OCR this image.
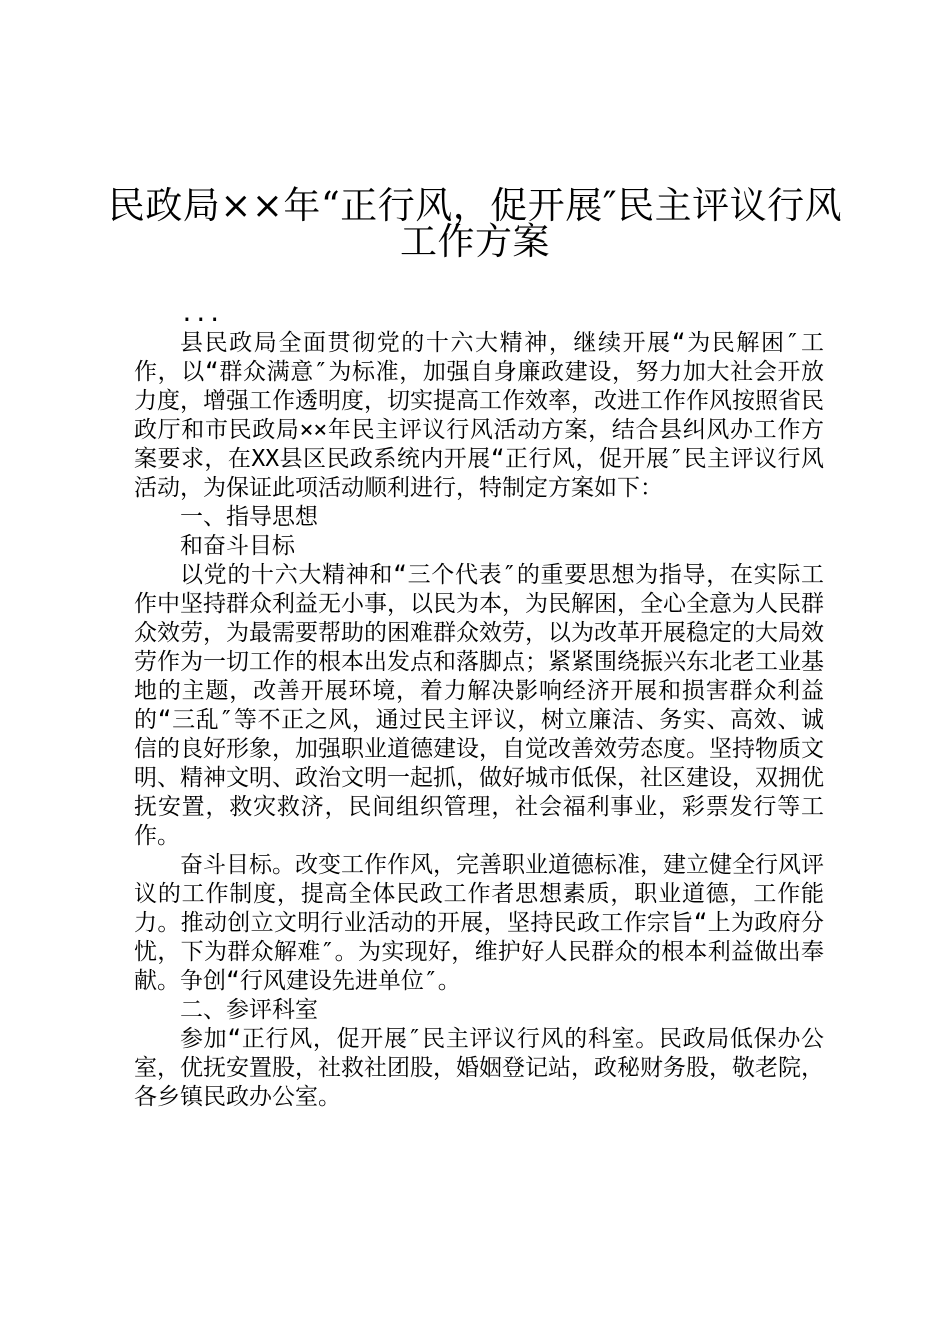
民政局××年“正行风，促开展″民主评议行风
工作方案
...

县民政局全面贯彻党的十六大精神，继续开展“为民解困″工作，以“群众满意″为标准，加强自身廉政建设，努力加大社会开放力度，增强工作透明度，切实提高工作效率，改进工作作风按照省民政厅和市民政局××年民主评议行风活动方案，结合县纠风办工作方案要求，在XX县区民政系统内开展“正行风，促开展″民主评议行风活动，为保证此项活动顺利进行，特制定方案如下：

一、指导思想

和奋斗目标

以党的十六大精神和“三个代表″的重要思想为指导，在实际工作中坚持群众利益无小事，以民为本，为民解困，全心全意为人民群众效劳，为最需要帮助的困难群众效劳，以为改革开展稳定的大局效劳作为一切工作的根本出发点和落脚点；紧紧围绕振兴东北老工业基地的主题，改善开展环境，着力解决影响经济开展和损害群众利益的“三乱″等不正之风，通过民主评议，树立廉洁、务实、高效、诚信的良好形象，加强职业道德建设，自觉改善效劳态度。坚持物质文明、精神文明、政治文明一起抓，做好城市低保，社区建设，双拥优抚安置，救灾救济，民间组织管理，社会福利事业，彩票发行等工作。

奋斗目标。改变工作作风，完善职业道德标准，建立健全行风评议的工作制度，提高全体民政工作者思想素质，职业道德，工作能力。推动创立文明行业活动的开展，坚持民政工作宗旨“上为政府分忧，下为群众解难″。为实现好，维护好人民群众的根本利益做出奉献。争创“行风建设先进单位″。

二、参评科室

参加“正行风，促开展″民主评议行风的科室。民政局低保办公室，优抚安置股，社救社团股，婚姻登记站，政秘财务股，敬老院，各乡镇民政办公室。
